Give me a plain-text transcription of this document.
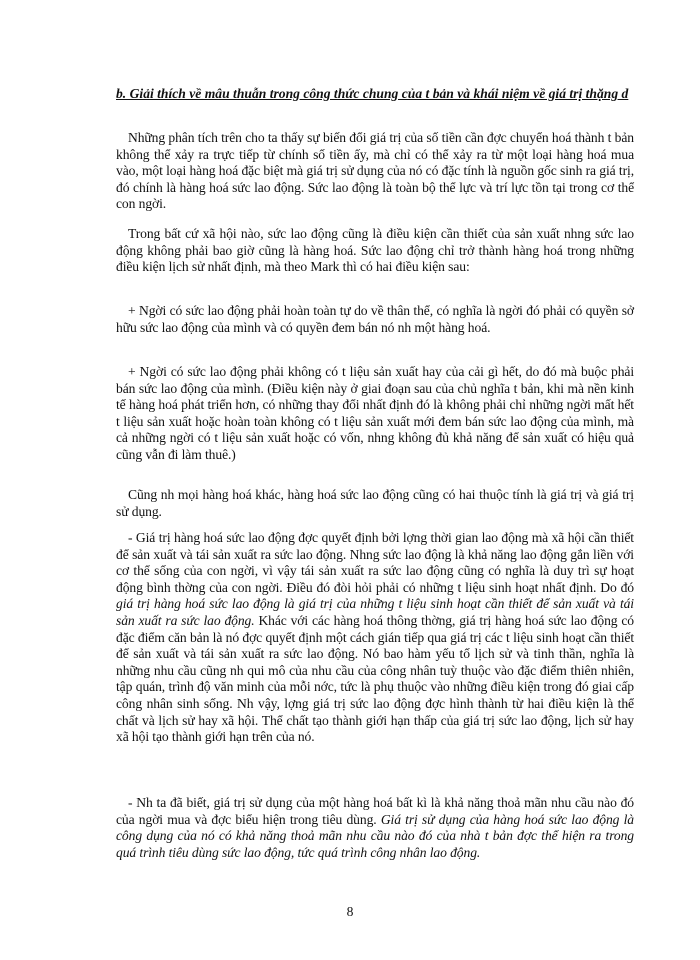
b. Giải thích về mâu thuẫn trong công thức chung của t bản và khái niệm về giá trị thặng d

Những phân tích trên cho ta thấy sự biến đổi giá trị của số tiền cần đợc chuyển hoá thành t bản không thể xảy ra trực tiếp từ chính số tiền ấy, mà chỉ có thể xảy ra từ một loại hàng hoá mua vào, một loại hàng hoá đặc biệt mà giá trị sử dụng của nó có đặc tính là nguồn gốc sinh ra giá trị, đó chính là hàng hoá sức lao động. Sức lao động là toàn bộ thể lực và trí lực tồn tại trong cơ thể con ngời.

Trong bất cứ xã hội nào, sức lao động cũng là điều kiện cần thiết của sản xuất nhng sức lao động không phải bao giờ cũng là hàng hoá. Sức lao động chỉ trở thành hàng hoá trong những điều kiện lịch sử nhất định, mà theo Mark thì có hai điều kiện sau:

+ Ngời có sức lao động phải hoàn toàn tự do về thân thể, có nghĩa là ngời đó phải có quyền sở hữu sức lao động của mình và có quyền đem bán nó nh một hàng hoá.

+ Ngời có sức lao động phải không có t liệu sản xuất hay của cải gì hết, do đó mà buộc phải bán sức lao động của mình. (Điều kiện này ở giai đoạn sau của chủ nghĩa t bản, khi mà nền kinh tế hàng hoá phát triển hơn, có những thay đổi nhất định đó là không phải chỉ những ngời mất hết t liệu sản xuất hoặc hoàn toàn không có t liệu sản xuất mới đem bán sức lao động của mình, mà cả những ngời có t liệu sản xuất hoặc có vốn, nhng không đủ khả năng để sản xuất có hiệu quả cũng vẫn đi làm thuê.)

Cũng nh mọi hàng hoá khác, hàng hoá sức lao động cũng có hai thuộc tính là giá trị và giá trị sử dụng.

- Giá trị hàng hoá sức lao động đợc quyết định bởi lợng thời gian lao động mà xã hội cần thiết để sản xuất và tái sản xuất ra sức lao động. Nhng sức lao động là khả năng lao động gắn liền với cơ thể sống của con ngời, vì vậy tái sản xuất ra sức lao động cũng có nghĩa là duy trì sự hoạt động bình thờng của con ngời. Điều đó đòi hỏi phải có những t liệu sinh hoạt nhất định. Do đó giá trị hàng hoá sức lao động là giá trị của những t liệu sinh hoạt cần thiết để sản xuất và tái sản xuất ra sức lao động. Khác với các hàng hoá thông thờng, giá trị hàng hoá sức lao động có đặc điểm căn bản là nó đợc quyết định một cách gián tiếp qua giá trị các t liệu sinh hoạt cần thiết để sản xuất và tái sản xuất ra sức lao động. Nó bao hàm yếu tố lịch sử và tinh thần, nghĩa là những nhu cầu cũng nh qui mô của nhu cầu của công nhân tuỳ thuộc vào đặc điểm thiên nhiên, tập quán, trình độ văn minh của mỗi nớc, tức là phụ thuộc vào những điều kiện trong đó giai cấp công nhân sinh sống. Nh vậy, lợng giá trị sức lao động đợc hình thành từ hai điều kiện là thể chất và lịch sử hay xã hội. Thể chất tạo thành giới hạn thấp của giá trị sức lao động, lịch sử hay xã hội tạo thành giới hạn trên của nó.

- Nh ta đã biết, giá trị sử dụng của một hàng hoá bất kì là khả năng thoả mãn nhu cầu nào đó của ngời mua và đợc biểu hiện trong tiêu dùng. Giá trị sử dụng của hàng hoá sức lao động là công dụng của nó có khả năng thoả mãn nhu cầu nào đó của nhà t bản đợc thể hiện ra trong quá trình tiêu dùng sức lao động, tức quá trình công nhân lao động.

8
